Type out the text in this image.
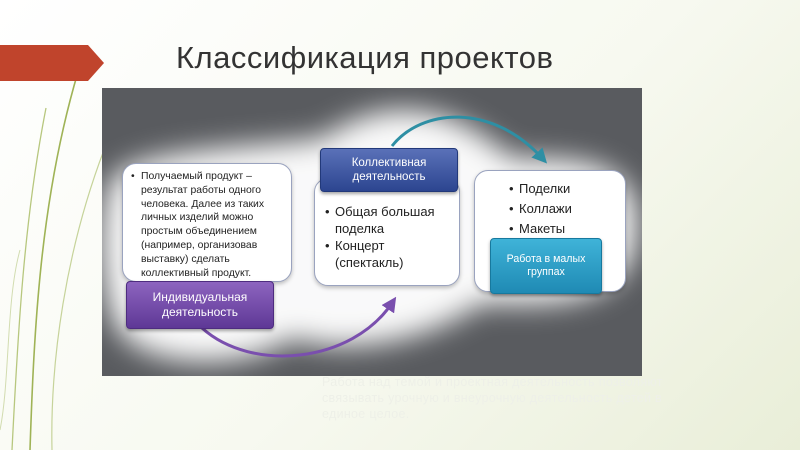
Классификация проектов
• Получаемый продукт – результат работы одного человека. Далее из таких личных изделий можно простым объединением (например, организовав выставку) сделать коллективный продукт.
• Общая большая поделка
• Концерт (спектакль)
• Поделки
• Коллажи
• Макеты
Коллективная деятельность
Индивидуальная деятельность
Работа в малых группах
Работа над темой и проектная деятельность позволяют связывать урочную и внеурочную деятельность детей в единое целое.
